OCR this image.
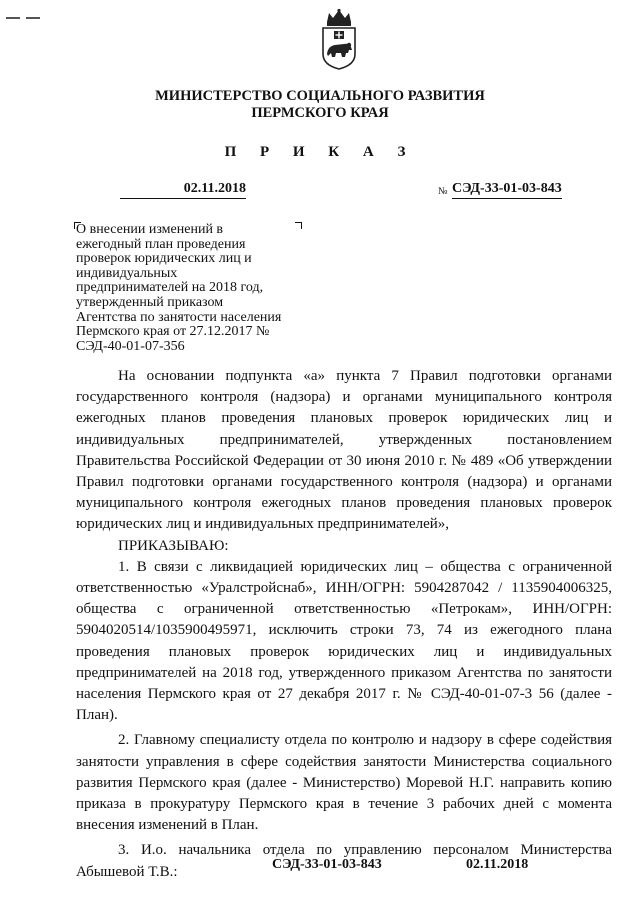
МИНИСТЕРСТВО СОЦИАЛЬНОГО РАЗВИТИЯ
ПЕРМСКОГО КРАЯ
П Р И К А З
02.11.2018	№ СЭД-33-01-03-843
О внесении изменений в
ежегодный план проведения
проверок юридических лиц и
индивидуальных
предпринимателей на 2018 год,
утвержденный приказом
Агентства по занятости населения
Пермского края от 27.12.2017 №
СЭД-40-01-07-356

На основании подпункта «а» пункта 7 Правил подготовки органами государственного контроля (надзора) и органами муниципального контроля ежегодных планов проведения плановых проверок юридических лиц и индивидуальных предпринимателей, утвержденных постановлением Правительства Российской Федерации от 30 июня 2010 г. № 489 «Об утверждении Правил подготовки органами государственного контроля (надзора) и органами муниципального контроля ежегодных планов проведения плановых проверок юридических лиц и индивидуальных предпринимателей»,

ПРИКАЗЫВАЮ:

1. В связи с ликвидацией юридических лиц – общества с ограниченной ответственностью «Уралстройснаб», ИНН/ОГРН: 5904287042 / 1135904006325, общества с ограниченной ответственностью «Петрокам», ИНН/ОГРН: 5904020514/1035900495971, исключить строки 73, 74 из ежегодного плана проведения плановых проверок юридических лиц и индивидуальных предпринимателей на 2018 год, утвержденного приказом Агентства по занятости населения Пермского края от 27 декабря 2017 г. № СЭД-40-01-07-3 56 (далее - План).

2. Главному специалисту отдела по контролю и надзору в сфере содействия занятости управления в сфере содействия занятости Министерства социального развития Пермского края (далее - Министерство) Моревой Н.Г. направить копию приказа в прокуратуру Пермского края в течение 3 рабочих дней с момента внесения изменений в План.

3. И.о. начальника отдела по управлению персоналом Министерства Абышевой Т.В.:	СЭД-33-01-03-843	02.11.2018
